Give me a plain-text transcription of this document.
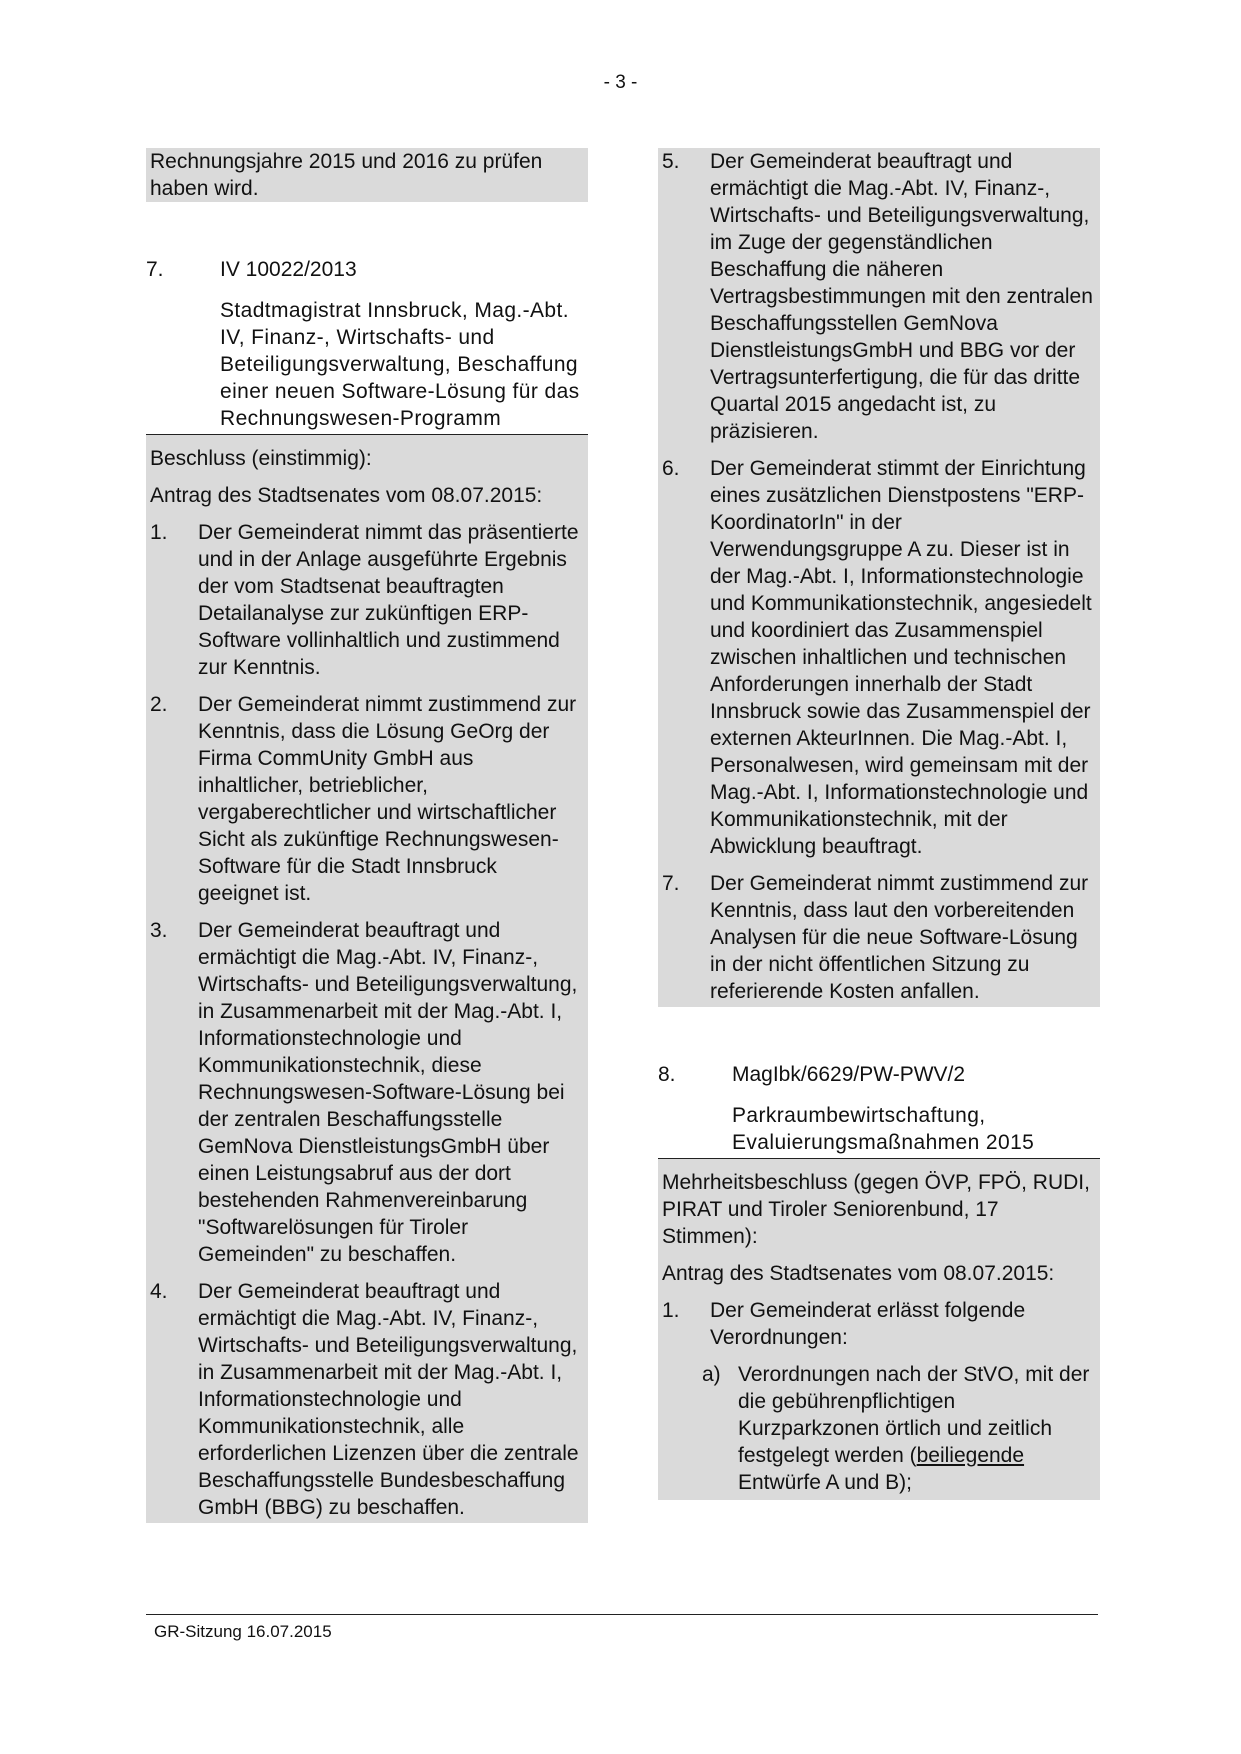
- 3 -
Rechnungsjahre 2015 und 2016 zu prüfen haben wird.
7.	IV 10022/2013
Stadtmagistrat Innsbruck, Mag.-Abt. IV, Finanz-, Wirtschafts- und Beteiligungsverwaltung, Beschaffung einer neuen Software-Lösung für das Rechnungswesen-Programm
Beschluss (einstimmig):
Antrag des Stadtsenates vom 08.07.2015:
1.	Der Gemeinderat nimmt das präsentierte und in der Anlage ausgeführte Ergebnis der vom Stadtsenat beauftragten Detailanalyse zur zukünftigen ERP-Software vollinhaltlich und zustimmend zur Kenntnis.
2.	Der Gemeinderat nimmt zustimmend zur Kenntnis, dass die Lösung GeOrg der Firma CommUnity GmbH aus inhaltlicher, betrieblicher, vergaberechtlicher und wirtschaftlicher Sicht als zukünftige Rechnungswesen-Software für die Stadt Innsbruck geeignet ist.
3.	Der Gemeinderat beauftragt und ermächtigt die Mag.-Abt. IV, Finanz-, Wirtschafts- und Beteiligungsverwaltung, in Zusammenarbeit mit der Mag.-Abt. I, Informationstechnologie und Kommunikationstechnik, diese Rechnungswesen-Software-Lösung bei der zentralen Beschaffungsstelle GemNova DienstleistungsGmbH über einen Leistungsabruf aus der dort bestehenden Rahmenvereinbarung "Softwarelösungen für Tiroler Gemeinden" zu beschaffen.
4.	Der Gemeinderat beauftragt und ermächtigt die Mag.-Abt. IV, Finanz-, Wirtschafts- und Beteiligungsverwaltung, in Zusammenarbeit mit der Mag.-Abt. I, Informationstechnologie und Kommunikationstechnik, alle erforderlichen Lizenzen über die zentrale Beschaffungsstelle Bundesbeschaffung GmbH (BBG) zu beschaffen.
5.	Der Gemeinderat beauftragt und ermächtigt die Mag.-Abt. IV, Finanz-, Wirtschafts- und Beteiligungsverwaltung, im Zuge der gegenständlichen Beschaffung die näheren Vertragsbestimmungen mit den zentralen Beschaffungsstellen GemNova DienstleistungsGmbH und BBG vor der Vertragsunterfertigung, die für das dritte Quartal 2015 angedacht ist, zu präzisieren.
6.	Der Gemeinderat stimmt der Einrichtung eines zusätzlichen Dienstpostens "ERP-KoordinatorIn" in der Verwendungsgruppe A zu. Dieser ist in der Mag.-Abt. I, Informationstechnologie und Kommunikationstechnik, angesiedelt und koordiniert das Zusammenspiel zwischen inhaltlichen und technischen Anforderungen innerhalb der Stadt Innsbruck sowie das Zusammenspiel der externen AkteurInnen. Die Mag.-Abt. I, Personalwesen, wird gemeinsam mit der Mag.-Abt. I, Informationstechnologie und Kommunikationstechnik, mit der Abwicklung beauftragt.
7.	Der Gemeinderat nimmt zustimmend zur Kenntnis, dass laut den vorbereitenden Analysen für die neue Software-Lösung in der nicht öffentlichen Sitzung zu referierende Kosten anfallen.
8.	MagIbk/6629/PW-PWV/2
Parkraumbewirtschaftung, Evaluierungsmaßnahmen 2015
Mehrheitsbeschluss (gegen ÖVP, FPÖ, RUDI, PIRAT und Tiroler Seniorenbund, 17 Stimmen):
Antrag des Stadtsenates vom 08.07.2015:
1.	Der Gemeinderat erlässt folgende Verordnungen:
a) Verordnungen nach der StVO, mit der die gebührenpflichtigen Kurzparkzonen örtlich und zeitlich festgelegt werden (beiliegende Entwürfe A und B);
GR-Sitzung 16.07.2015
